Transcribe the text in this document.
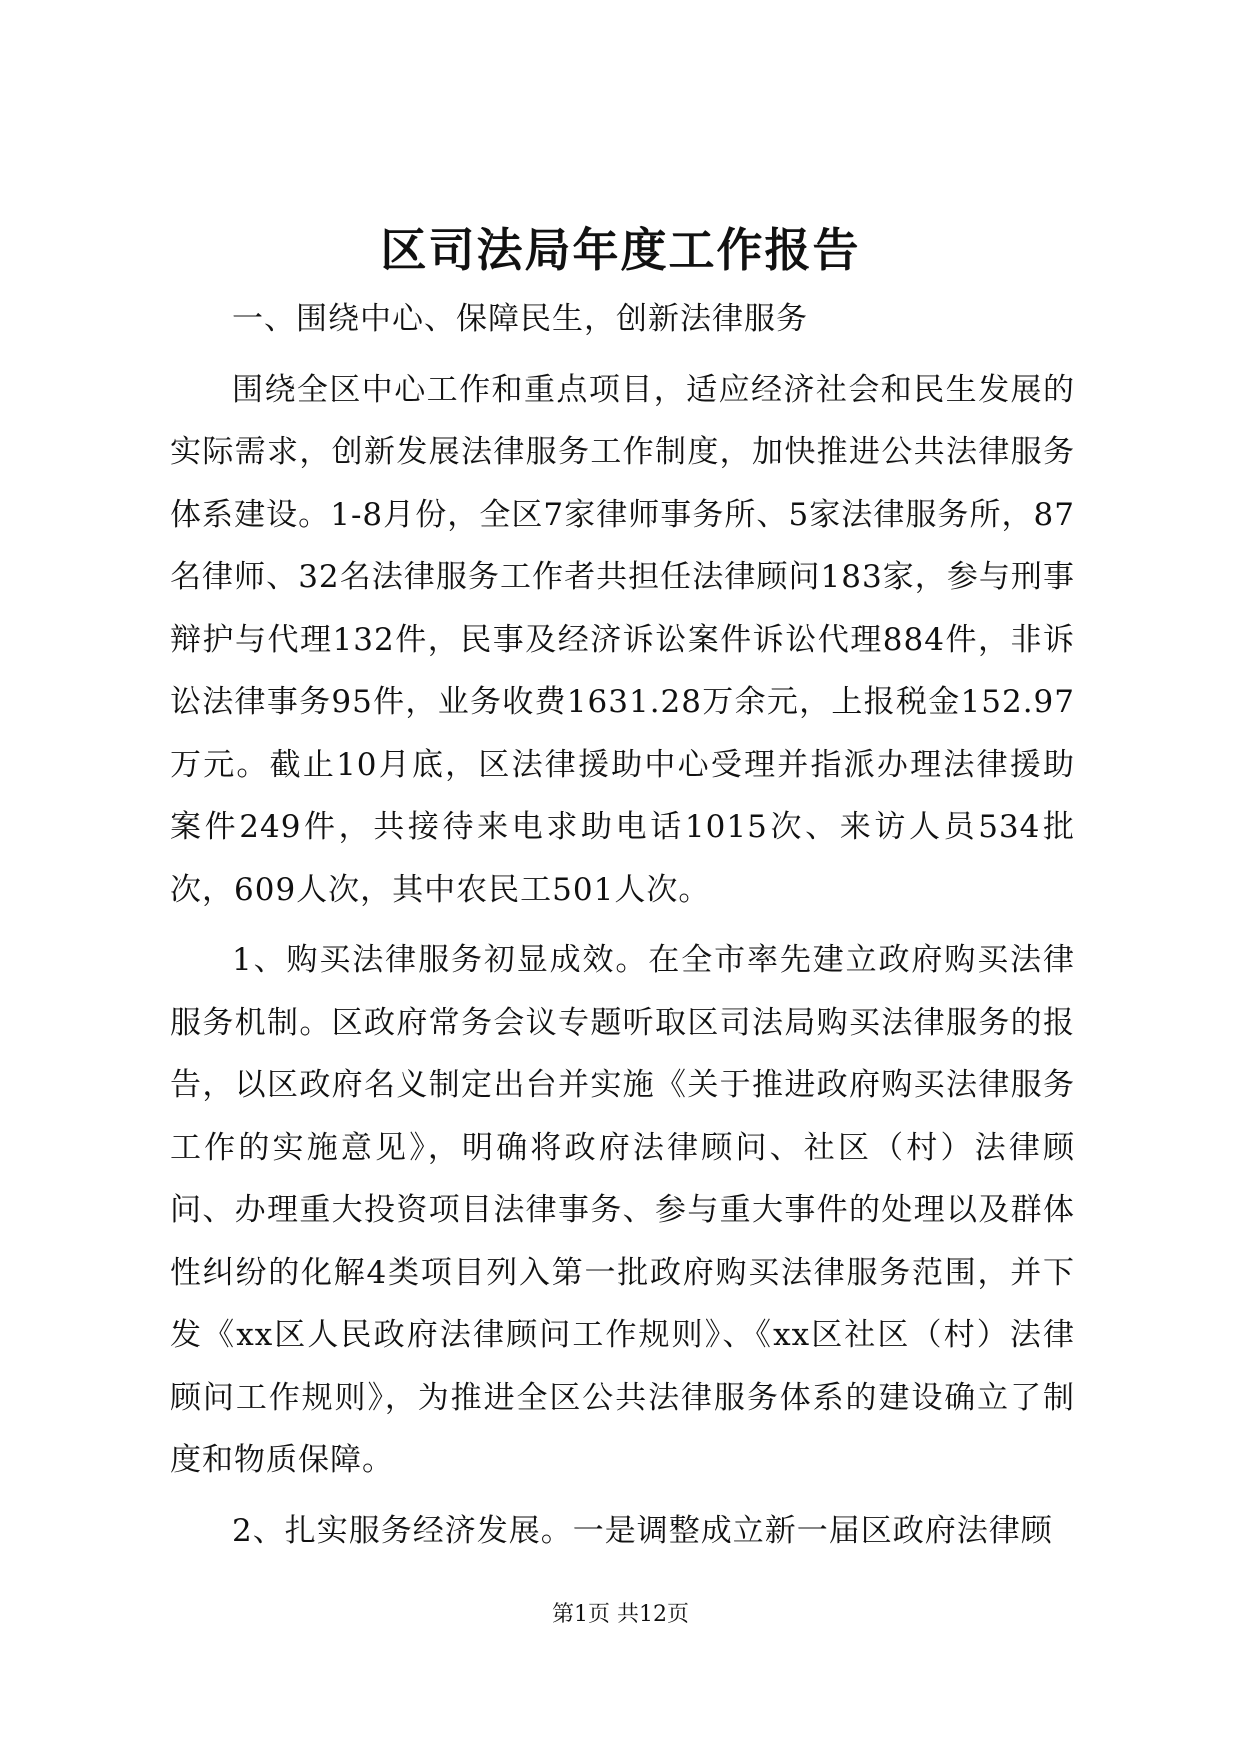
区司法局年度工作报告

一、围绕中心、保障民生，创新法律服务

围绕全区中心工作和重点项目，适应经济社会和民生发展的实际需求，创新发展法律服务工作制度，加快推进公共法律服务体系建设。1-8月份，全区7家律师事务所、5家法律服务所，87名律师、32名法律服务工作者共担任法律顾问183家，参与刑事辩护与代理132件，民事及经济诉讼案件诉讼代理884件，非诉讼法律事务95件，业务收费1631.28万余元，上报税金152.97万元。截止10月底，区法律援助中心受理并指派办理法律援助案件249件，共接待来电求助电话1015次、来访人员534批次，609人次，其中农民工501人次。

1、购买法律服务初显成效。在全市率先建立政府购买法律服务机制。区政府常务会议专题听取区司法局购买法律服务的报告，以区政府名义制定出台并实施《关于推进政府购买法律服务工作的实施意见》，明确将政府法律顾问、社区（村）法律顾问、办理重大投资项目法律事务、参与重大事件的处理以及群体性纠纷的化解4类项目列入第一批政府购买法律服务范围，并下发《xx区人民政府法律顾问工作规则》、《xx区社区（村）法律顾问工作规则》，为推进全区公共法律服务体系的建设确立了制度和物质保障。

2、扎实服务经济发展。一是调整成立新一届区政府法律顾

第1页 共12页
